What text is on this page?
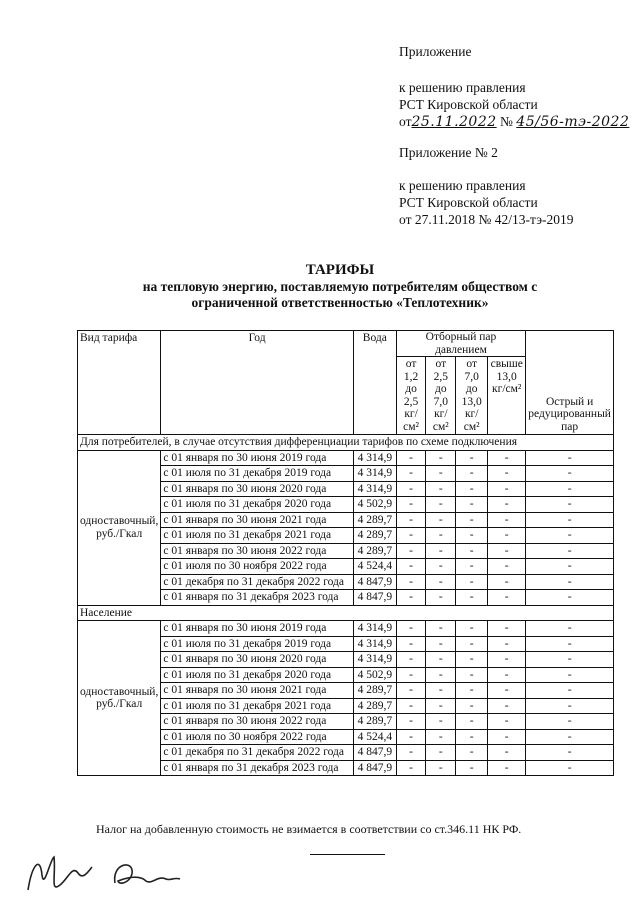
Приложение
к решению правления
РСТ Кировской области
от25.11.2022 № 45/56-тэ-2022
Приложение № 2
к решению правления
РСТ Кировской области
от 27.11.2018 № 42/13-тэ-2019
ТАРИФЫ
на тепловую энергию, поставляемую потребителям обществом с
ограниченной ответственностью «Теплотехник»
Вид тарифа	Год	Вода	Отборный пар давлением				Острый и редуцированный пар
			от 1,2 до 2,5 кг/см²	от 2,5 до 7,0 кг/см²	от 7,0 до 13,0 кг/см²	свыше 13,0 кг/см²	
Для потребителей, в случае отсутствия дифференциации тарифов по схеме подключения							
одноставочный, руб./Гкал	с 01 января по 30 июня 2019 года	4 314,9	-	-	-	-	-
	с 01 июля по 31 декабря 2019 года	4 314,9	-	-	-	-	-
	с 01 января по 30 июня 2020 года	4 314,9	-	-	-	-	-
	с 01 июля по 31 декабря 2020 года	4 502,9	-	-	-	-	-
	с 01 января по 30 июня 2021 года	4 289,7	-	-	-	-	-
	с 01 июля по 31 декабря 2021 года	4 289,7	-	-	-	-	-
	с 01 января по 30 июня 2022 года	4 289,7	-	-	-	-	-
	с 01 июля по 30 ноября 2022 года	4 524,4	-	-	-	-	-
	с 01 декабря по 31 декабря 2022 года	4 847,9	-	-	-	-	-
	с 01 января по 31 декабря 2023 года	4 847,9	-	-	-	-	-
Население							
одноставочный, руб./Гкал	с 01 января по 30 июня 2019 года	4 314,9	-	-	-	-	-
	с 01 июля по 31 декабря 2019 года	4 314,9	-	-	-	-	-
	с 01 января по 30 июня 2020 года	4 314,9	-	-	-	-	-
	с 01 июля по 31 декабря 2020 года	4 502,9	-	-	-	-	-
	с 01 января по 30 июня 2021 года	4 289,7	-	-	-	-	-
	с 01 июля по 31 декабря 2021 года	4 289,7	-	-	-	-	-
	с 01 января по 30 июня 2022 года	4 289,7	-	-	-	-	-
	с 01 июля по 30 ноября 2022 года	4 524,4	-	-	-	-	-
	с 01 декабря по 31 декабря 2022 года	4 847,9	-	-	-	-	-
	с 01 января по 31 декабря 2023 года	4 847,9	-	-	-	-	-
Налог на добавленную стоимость не взимается в соответствии со ст.346.11 НК РФ.
